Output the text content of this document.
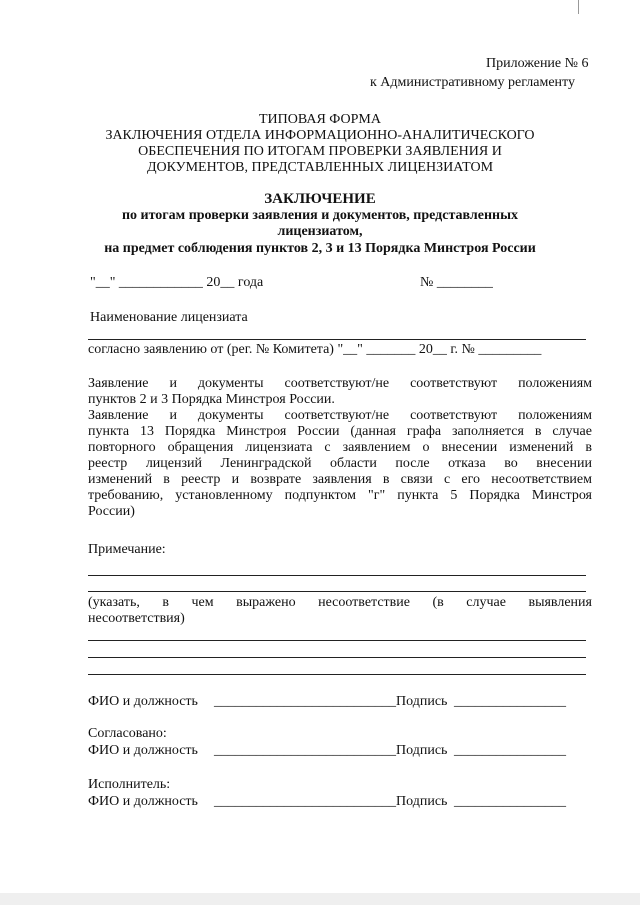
Приложение № 6
к Административному регламенту
ТИПОВАЯ ФОРМА
ЗАКЛЮЧЕНИЯ ОТДЕЛА ИНФОРМАЦИОННО-АНАЛИТИЧЕСКОГО
ОБЕСПЕЧЕНИЯ ПО ИТОГАМ ПРОВЕРКИ ЗАЯВЛЕНИЯ И
ДОКУМЕНТОВ, ПРЕДСТАВЛЕННЫХ ЛИЦЕНЗИАТОМ
ЗАКЛЮЧЕНИЕ
по итогам проверки заявления и документов, представленных
лицензиатом,
на предмет соблюдения пунктов 2, 3 и 13 Порядка Минстроя России
"__" ____________ 20__ года	№ ________
Наименование лицензиата
согласно заявлению от (рег. № Комитета) "__" _______ 20__ г. № _________
Заявление и документы соответствуют/не соответствуют положениям
пунктов 2 и 3 Порядка Минстроя России.
Заявление и документы соответствуют/не соответствуют положениям
пункта 13 Порядка Минстроя России (данная графа заполняется в случае
повторного обращения лицензиата с заявлением о внесении изменений в
реестр лицензий Ленинградской области после отказа во внесении
изменений в реестр и возврате заявления в связи с его несоответствием
требованию, установленному подпунктом "г" пункта 5 Порядка Минстроя
России)
Примечание:
(указать, в чем выражено несоответствие (в случае выявления
несоответствия)
ФИО и должность __________________________ Подпись ________________
Согласовано:
ФИО и должность __________________________ Подпись ________________
Исполнитель:
ФИО и должность __________________________ Подпись ________________
